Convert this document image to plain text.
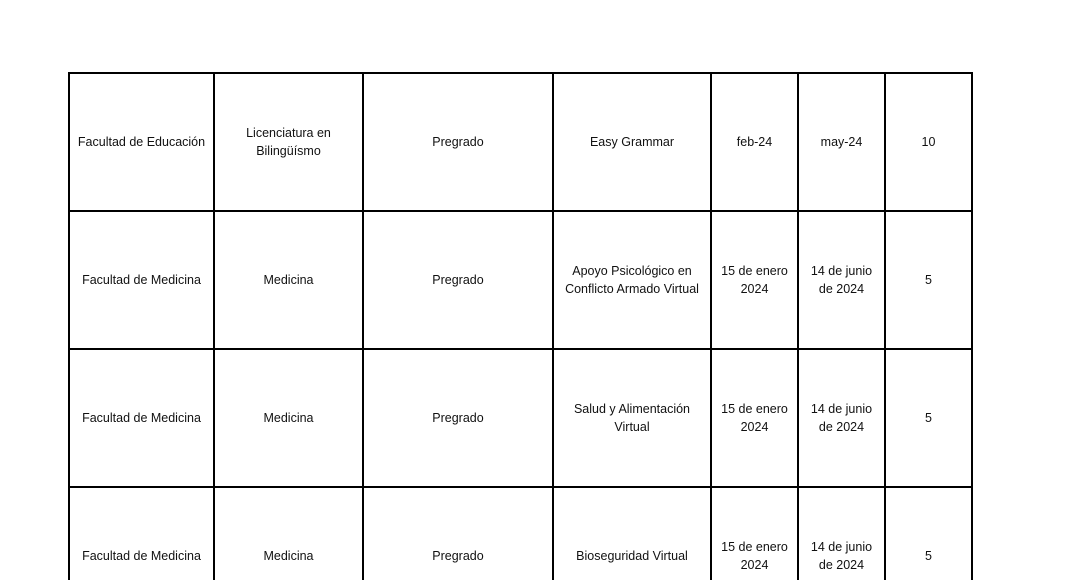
Facultad de Educación	Licenciatura en Bilingüísmo	Pregrado	Easy Grammar	feb-24	may-24	10
Facultad de Medicina	Medicina	Pregrado	Apoyo Psicológico en Conflicto Armado Virtual	15 de enero 2024	14 de junio de 2024	5
Facultad de Medicina	Medicina	Pregrado	Salud y Alimentación Virtual	15 de enero 2024	14 de junio de 2024	5
Facultad de Medicina	Medicina	Pregrado	Bioseguridad Virtual	15 de enero 2024	14 de junio de 2024	5
